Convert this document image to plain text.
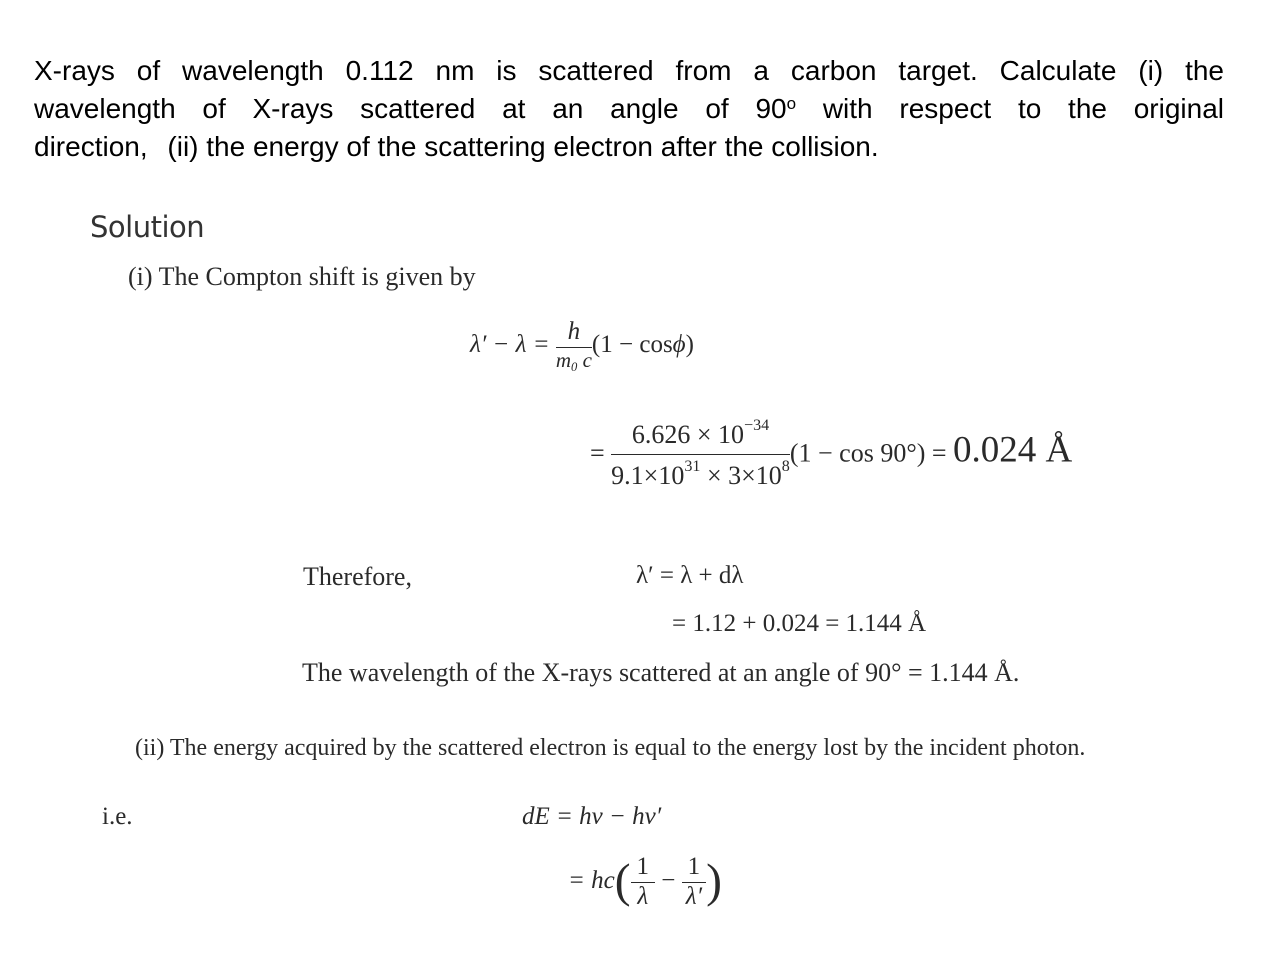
X-rays of wavelength 0.112 nm is scattered from a carbon target. Calculate (i) the
wavelength of X-rays scattered at an angle of 90$^o$ with respect to the original
direction, (ii) the energy of the scattering electron after the collision.
Solution
(i) The Compton shift is given by
$\lambda' - \lambda = \frac{h}{m_0 c} (1 - \cos\phi)$
= $\frac{6.626 \times 10^{-34}}{9.1\times 10^{31} \times 3\times 10^8} (1 - \cos 90^\circ) = 0.024$ Å
Therefore,	λ′ = λ + dλ
= 1.12 + 0.024 = 1.144 Å
The wavelength of the X-rays scattered at an angle of 90° = 1.144 Å.
(ii) The energy acquired by the scattered electron is equal to the energy lost by the incident photon.
i.e.	dE = hν − hν′
= $hc( \frac{1}{\lambda} - \frac{1}{\lambda'}$ )
